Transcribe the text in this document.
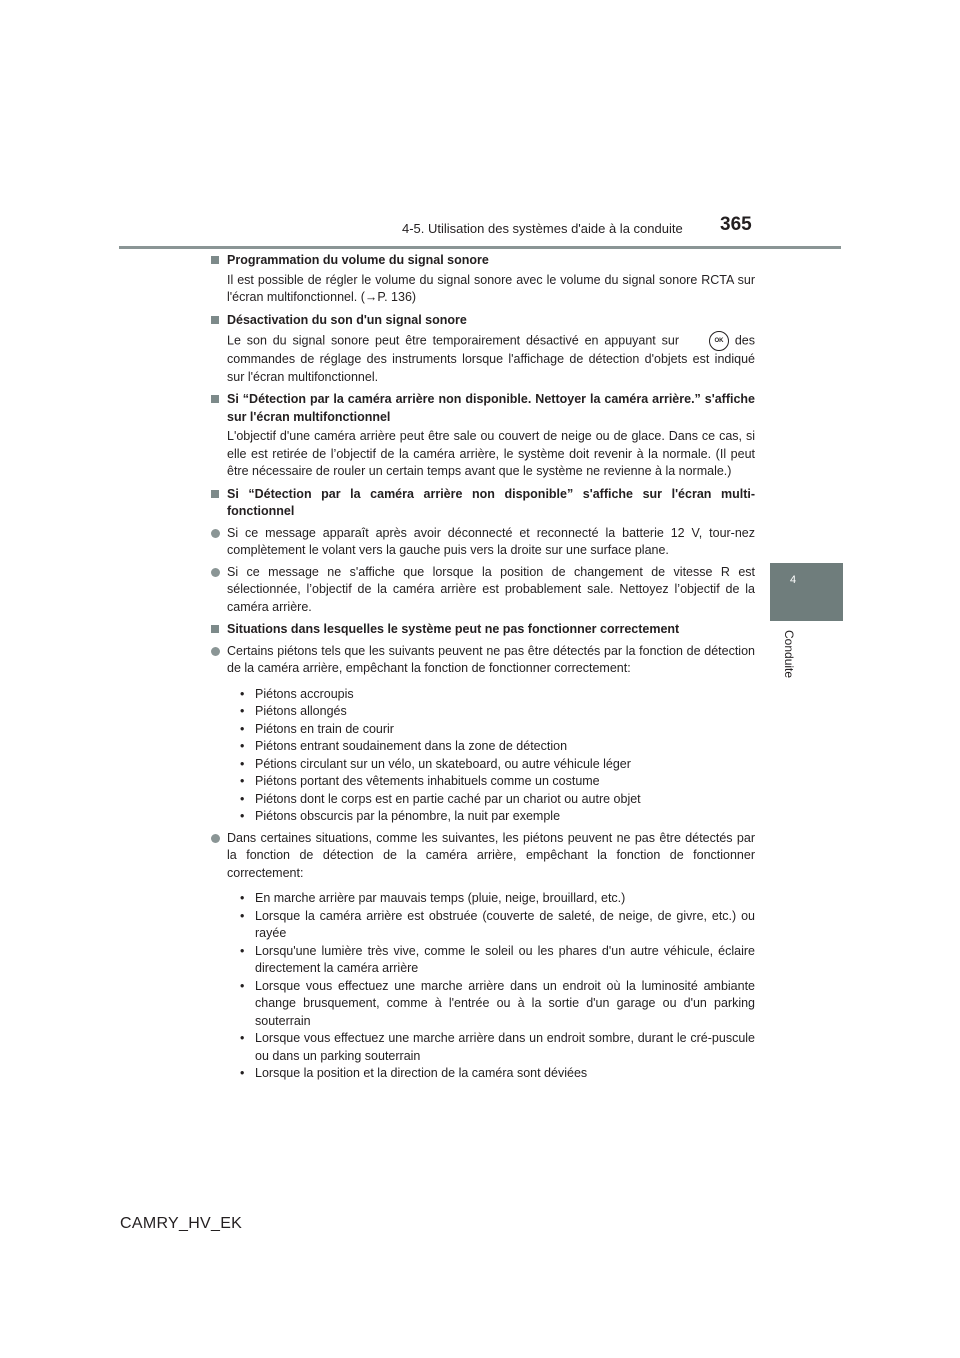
4-5. Utilisation des systèmes d'aide à la conduite 365
4
Conduite
Programmation du volume du signal sonore
Il est possible de régler le volume du signal sonore avec le volume du signal sonore RCTA sur l'écran multifonctionnel. (→P. 136)
Désactivation du son d'un signal sonore
Le son du signal sonore peut être temporairement désactivé en appuyant sur	OK des commandes de réglage des instruments lorsque l'affichage de détection d'objets est indiqué sur l'écran multifonctionnel.
Si “Détection par la caméra arrière non disponible. Nettoyer la caméra arrière.” s'affiche sur l'écran multifonctionnel
L'objectif d'une caméra arrière peut être sale ou couvert de neige ou de glace. Dans ce cas, si elle est retirée de l’objectif de la caméra arrière, le système doit revenir à la normale. (Il peut être nécessaire de rouler un certain temps avant que le système ne revienne à la normale.)
Si “Détection par la caméra arrière non disponible” s'affiche sur l'écran multi-fonctionnel
Si ce message apparaît après avoir déconnecté et reconnecté la batterie 12 V, tour-nez complètement le volant vers la gauche puis vers la droite sur une surface plane.
Si ce message ne s'affiche que lorsque la position de changement de vitesse R est sélectionnée, l’objectif de la caméra arrière est probablement sale. Nettoyez l’objectif de la caméra arrière.
Situations dans lesquelles le système peut ne pas fonctionner correctement
Certains piétons tels que les suivants peuvent ne pas être détectés par la fonction de détection de la caméra arrière, empêchant la fonction de fonctionner correctement:
• Piétons accroupis
• Piétons allongés
• Piétons en train de courir
• Piétons entrant soudainement dans la zone de détection
• Pétions circulant sur un vélo, un skateboard, ou autre véhicule léger
• Piétons portant des vêtements inhabituels comme un costume
• Piétons dont le corps est en partie caché par un chariot ou autre objet
• Piétons obscurcis par la pénombre, la nuit par exemple
Dans certaines situations, comme les suivantes, les piétons peuvent ne pas être détectés par la fonction de détection de la caméra arrière, empêchant la fonction de fonctionner correctement:
• En marche arrière par mauvais temps (pluie, neige, brouillard, etc.)
• Lorsque la caméra arrière est obstruée (couverte de saleté, de neige, de givre, etc.) ou rayée
• Lorsqu'une lumière très vive, comme le soleil ou les phares d'un autre véhicule, éclaire directement la caméra arrière
• Lorsque vous effectuez une marche arrière dans un endroit où la luminosité ambiante change brusquement, comme à l'entrée ou à la sortie d'un garage ou d'un parking souterrain
• Lorsque vous effectuez une marche arrière dans un endroit sombre, durant le cré-puscule ou dans un parking souterrain
• Lorsque la position et la direction de la caméra sont déviées
CAMRY_HV_EK
